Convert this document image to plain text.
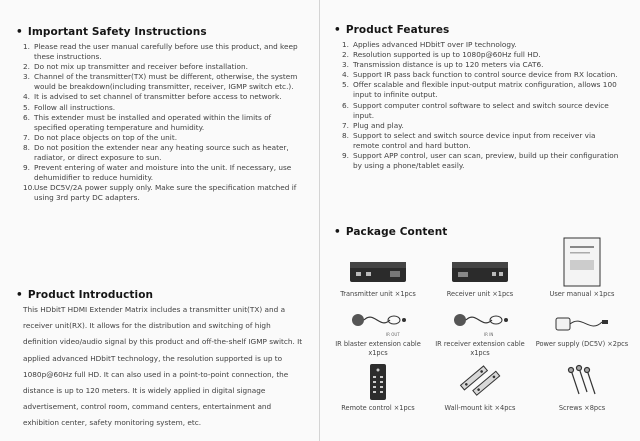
• Important Safety Instructions
1. Please read the user manual carefully before use this product, and keep these instructions.
2. Do not mix up transmitter and receiver before installation.
3. Channel of the transmitter(TX) must be different, otherwise, the system would be breakdown(including transmitter, receiver, IGMP switch etc.).
4. It is advised to set channel of transmitter before access to network.
5. Follow all instructions.
6. This extender must be installed and operated within the limits of specified operating temperature and humidity.
7. Do not place objects on top of the unit.
8. Do not position the extender near any heating source such as heater, radiator, or direct exposure to sun.
9. Prevent entering of water and moisture into the unit. If necessary, use dehumidifier to reduce humidity.
10. Use DC5V/2A power supply only. Make sure the specification matched if using 3rd party DC adapters.
• Product Introduction

This HDbitT HDMI Extender Matrix includes a transmitter unit(TX) and a receiver unit(RX). It allows for the distribution and switching of high definition video/audio signal by this product and off-the-shelf IGMP switch. It applied advanced HDbitT technology, the resolution supported is up to 1080p@60Hz full HD. It can also used in a point-to-point connection, the distance is up to 120 meters. It is widely applied in digital signage advertisement, control room, command centers, entertainment and exhibition center, safety monitoring system, etc.

• Product Features
1. Applies advanced HDbitT over IP technology.
2. Resolution supported is up to 1080p@60Hz full HD.
3. Transmission distance is up to 120 meters via CAT6.
4. Support IR pass back function to control source device from RX location.
5. Offer scalable and flexible input-output matrix configuration, allows 100 input to infinite output.
6. Support computer control software to select and switch source device input.
7. Plug and play.
8. Support to select and switch source device input from receiver via remote control and hard button.
9. Support APP control, user can scan, preview, build up their configuration by using a phone/tablet easily.
• Package Content
Transmitter unit ×1pcs	Receiver unit ×1pcs	User manual ×1pcs
IR OUT
IR blaster extension cable x1pcs
IR IN
IR receiver extension cable x1pcs
Power supply (DC5V) ×2pcs
Remote control ×1pcs	Wall-mount kit ×4pcs	Screws ×8pcs
